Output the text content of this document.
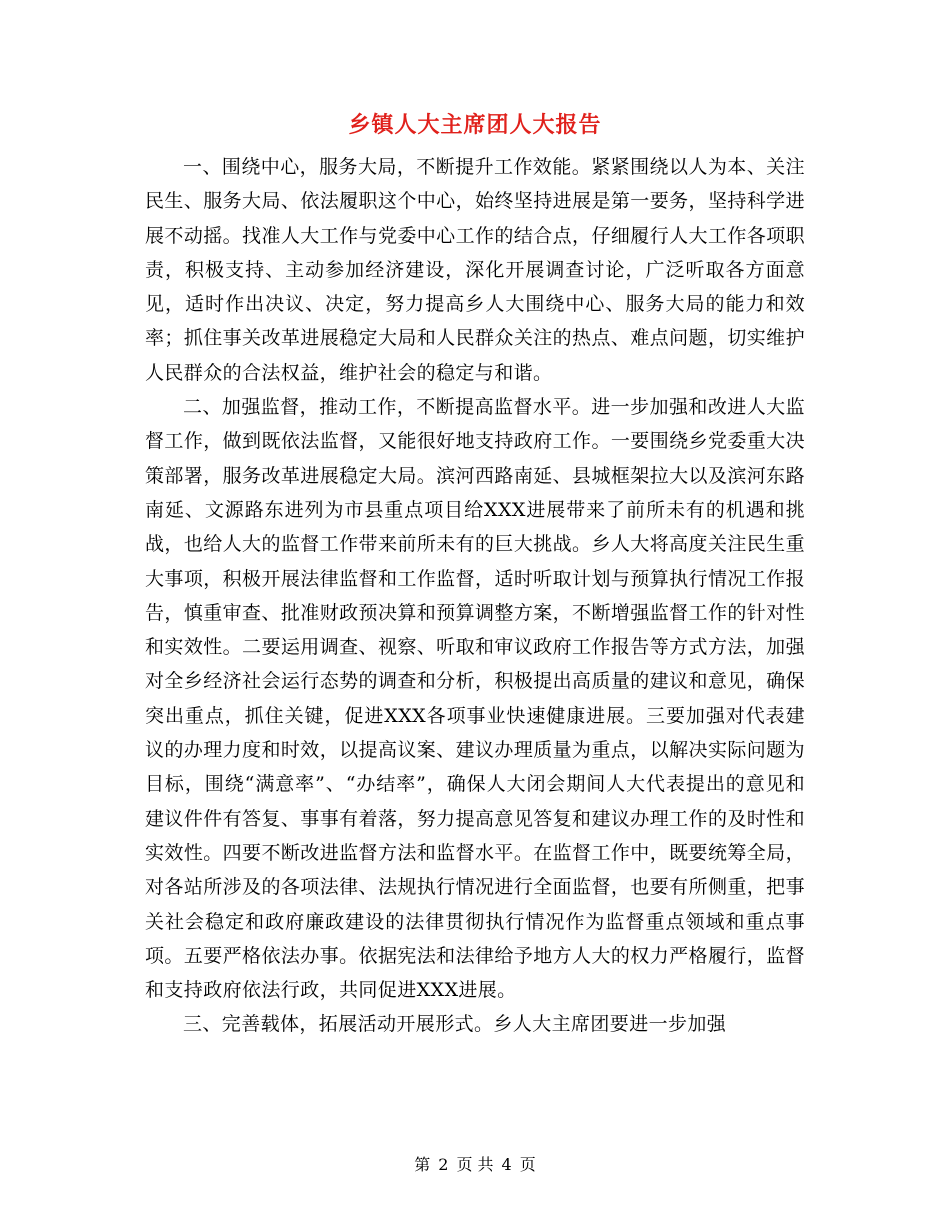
乡镇人大主席团人大报告

一、围绕中心，服务大局，不断提升工作效能。紧紧围绕以人为本、关注民生、服务大局、依法履职这个中心，始终坚持进展是第一要务，坚持科学进展不动摇。找准人大工作与党委中心工作的结合点，仔细履行人大工作各项职责，积极支持、主动参加经济建设，深化开展调查讨论，广泛听取各方面意见，适时作出决议、决定，努力提高乡人大围绕中心、服务大局的能力和效率；抓住事关改革进展稳定大局和人民群众关注的热点、难点问题，切实维护人民群众的合法权益，维护社会的稳定与和谐。

二、加强监督，推动工作，不断提高监督水平。进一步加强和改进人大监督工作，做到既依法监督，又能很好地支持政府工作。一要围绕乡党委重大决策部署，服务改革进展稳定大局。滨河西路南延、县城框架拉大以及滨河东路南延、文源路东进列为市县重点项目给XXX进展带来了前所未有的机遇和挑战，也给人大的监督工作带来前所未有的巨大挑战。乡人大将高度关注民生重大事项，积极开展法律监督和工作监督，适时听取计划与预算执行情况工作报告，慎重审查、批准财政预决算和预算调整方案，不断增强监督工作的针对性和实效性。二要运用调查、视察、听取和审议政府工作报告等方式方法，加强对全乡经济社会运行态势的调查和分析，积极提出高质量的建议和意见，确保突出重点，抓住关键，促进XXX各项事业快速健康进展。三要加强对代表建议的办理力度和时效，以提高议案、建议办理质量为重点，以解决实际问题为目标，围绕“满意率”、“办结率”，确保人大闭会期间人大代表提出的意见和建议件件有答复、事事有着落，努力提高意见答复和建议办理工作的及时性和实效性。四要不断改进监督方法和监督水平。在监督工作中，既要统筹全局，对各站所涉及的各项法律、法规执行情况进行全面监督，也要有所侧重，把事关社会稳定和政府廉政建设的法律贯彻执行情况作为监督重点领域和重点事项。五要严格依法办事。依据宪法和法律给予地方人大的权力严格履行，监督和支持政府依法行政，共同促进XXX进展。

三、完善载体，拓展活动开展形式。乡人大主席团要进一步加强

第 2 页 共 4 页
